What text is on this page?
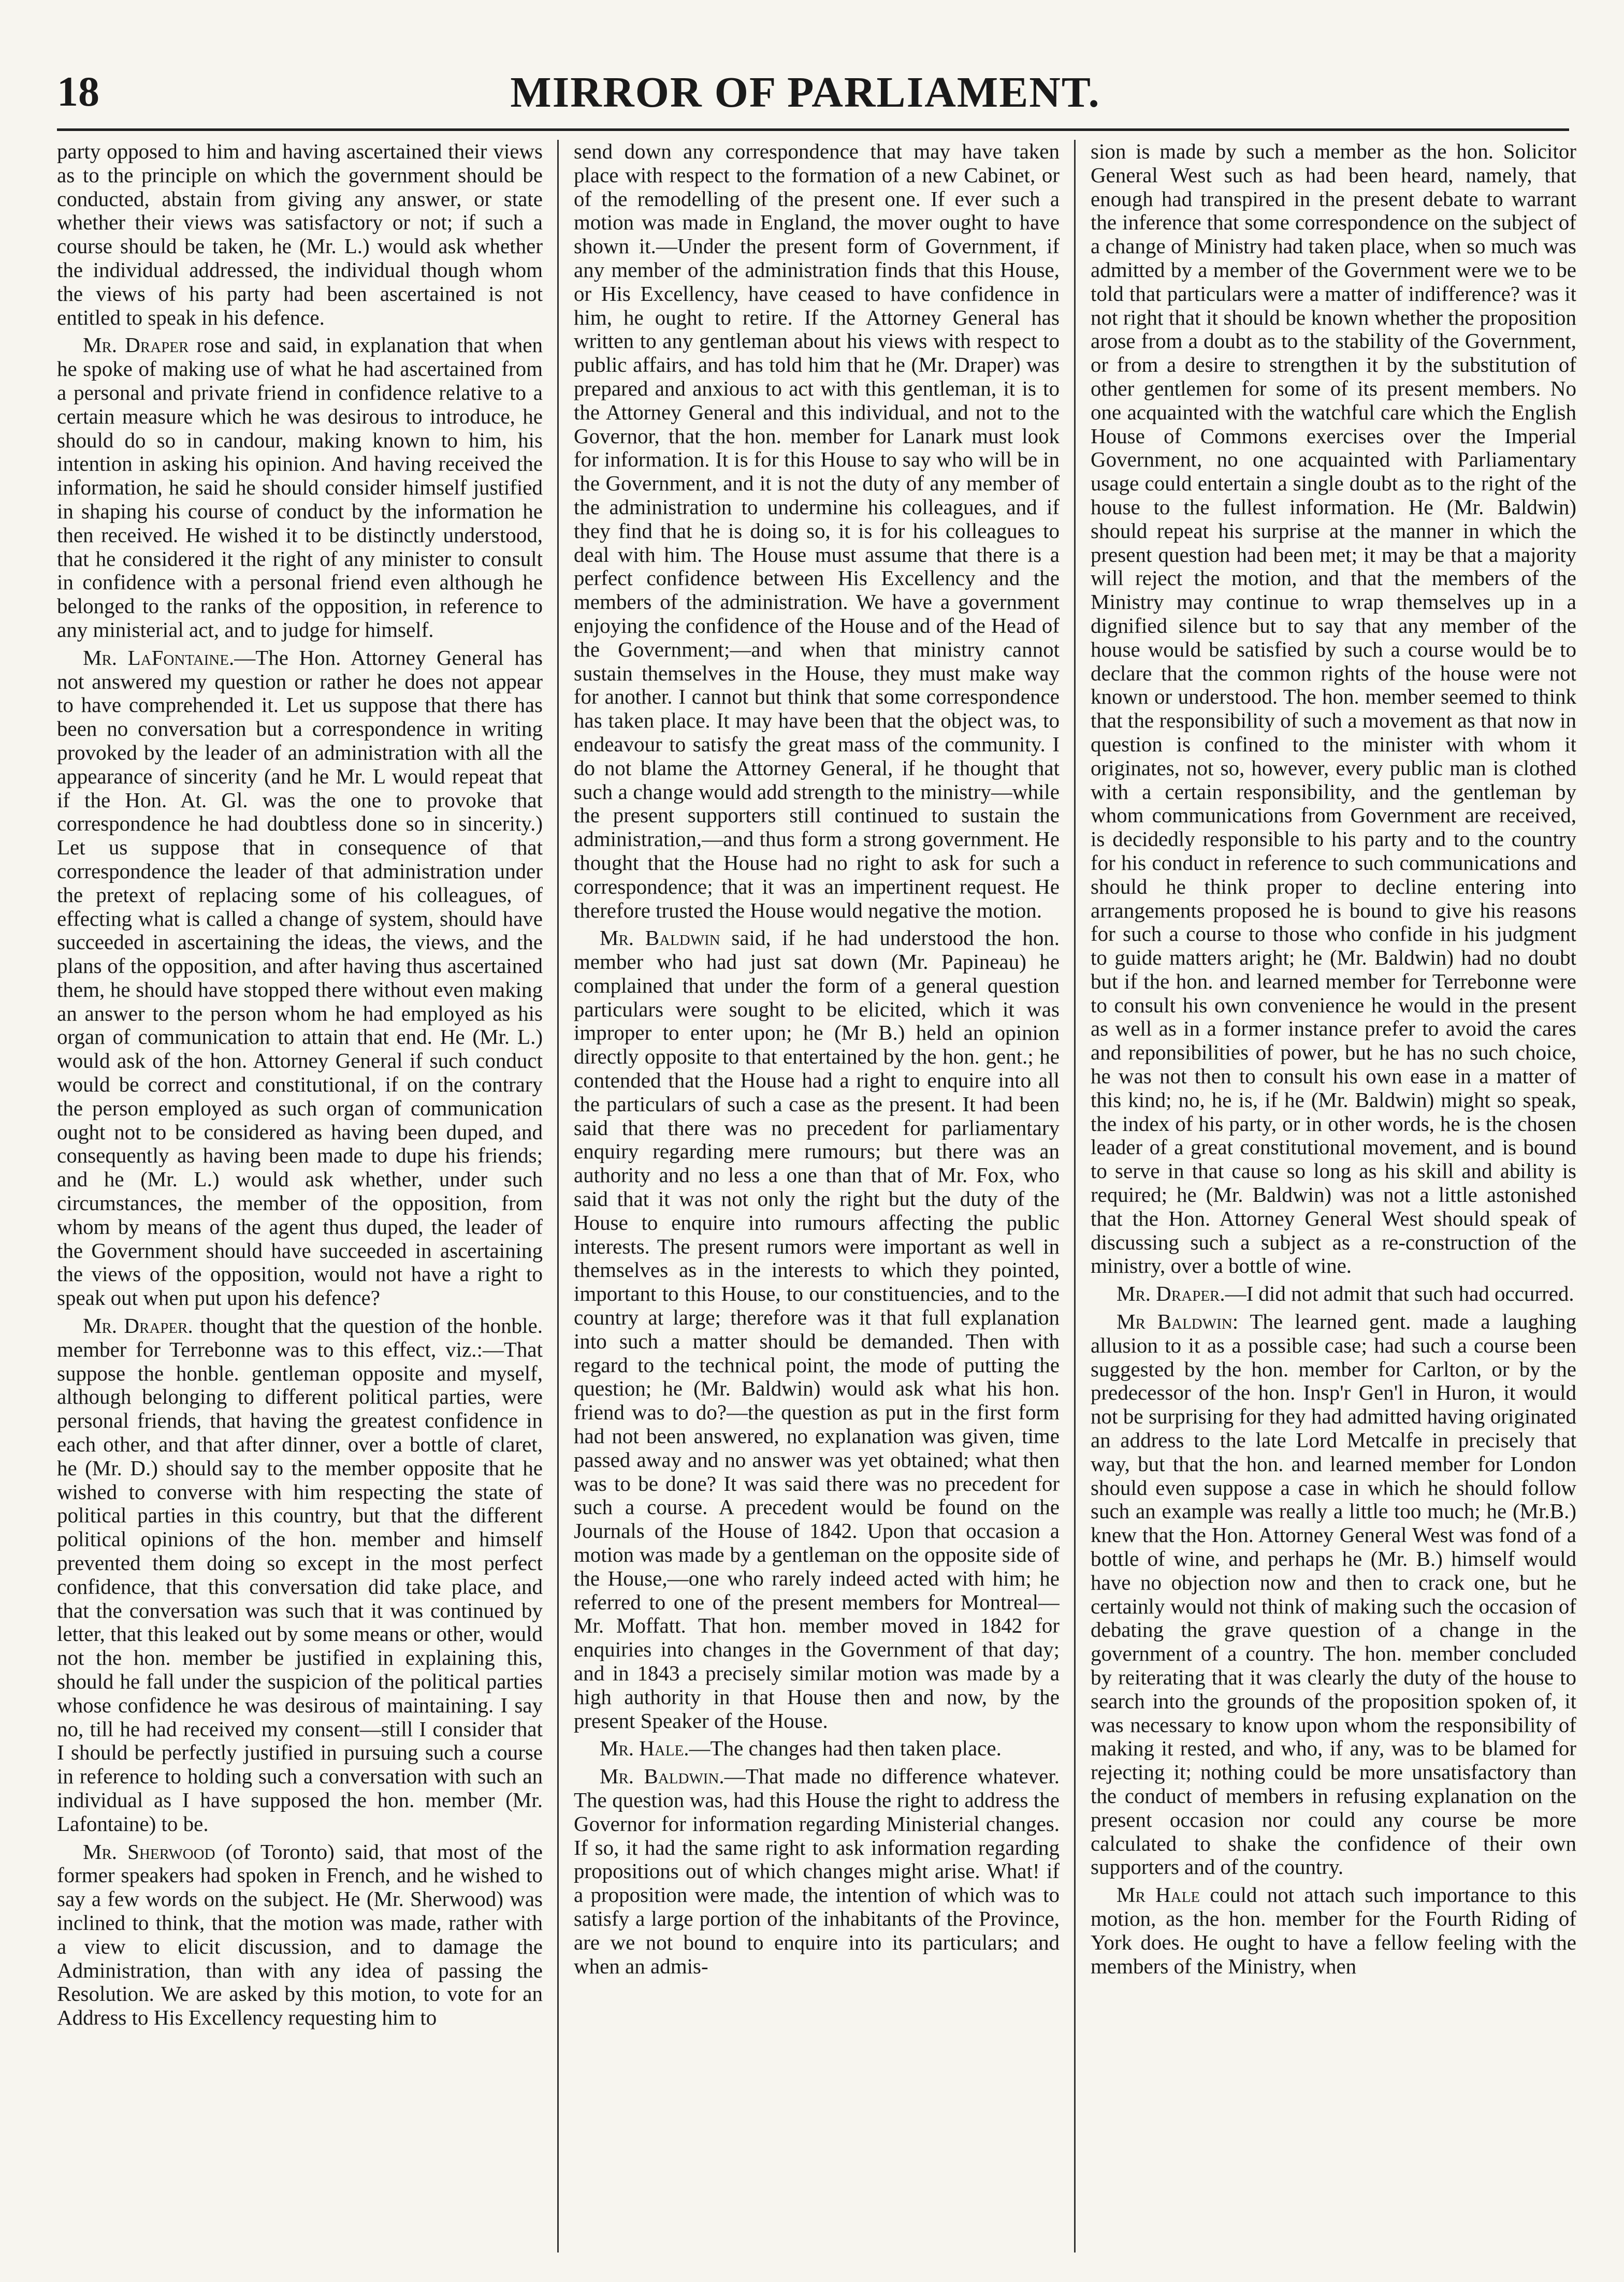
18	MIRROR OF PARLIAMENT.

party opposed to him and having ascertained their views as to the principle on which the government should be conducted, abstain from giving any answer, or state whether their views was satisfactory or not; if such a course should be taken, he (Mr. L.) would ask whether the individual addressed, the individual though whom the views of his party had been ascertained is not entitled to speak in his defence.

Mr. Draper rose and said, in explanation that when he spoke of making use of what he had ascertained from a personal and private friend in confidence relative to a certain measure which he was desirous to introduce, he should do so in candour, making known to him, his intention in asking his opinion. And having received the information, he said he should consider himself justified in shaping his course of conduct by the information he then received. He wished it to be distinctly understood, that he considered it the right of any minister to consult in confidence with a personal friend even although he belonged to the ranks of the opposition, in reference to any ministerial act, and to judge for himself.

Mr. LaFontaine.—The Hon. Attorney General has not answered my question or rather he does not appear to have comprehended it. Let us suppose that there has been no conversation but a correspondence in writing provoked by the leader of an administration with all the appearance of sincerity (and he Mr. L would repeat that if the Hon. At. Gl. was the one to provoke that correspondence he had doubtless done so in sincerity.) Let us suppose that in consequence of that correspondence the leader of that administration under the pretext of replacing some of his colleagues, of effecting what is called a change of system, should have succeeded in ascertaining the ideas, the views, and the plans of the opposition, and after having thus ascertained them, he should have stopped there without even making an answer to the person whom he had employed as his organ of communication to attain that end. He (Mr. L.) would ask of the hon. Attorney General if such conduct would be correct and constitutional, if on the contrary the person employed as such organ of communication ought not to be considered as having been duped, and consequently as having been made to dupe his friends; and he (Mr. L.) would ask whether, under such circumstances, the member of the opposition, from whom by means of the agent thus duped, the leader of the Government should have succeeded in ascertaining the views of the opposition, would not have a right to speak out when put upon his defence?

Mr. Draper. thought that the question of the honble. member for Terrebonne was to this effect, viz.:—That suppose the honble. gentleman opposite and myself, although belonging to different political parties, were personal friends, that having the greatest confidence in each other, and that after dinner, over a bottle of claret, he (Mr. D.) should say to the member opposite that he wished to converse with him respecting the state of political parties in this country, but that the different political opinions of the hon. member and himself prevented them doing so except in the most perfect confidence, that this conversation did take place, and that the conversation was such that it was continued by letter, that this leaked out by some means or other, would not the hon. member be justified in explaining this, should he fall under the suspicion of the political parties whose confidence he was desirous of maintaining. I say no, till he had received my consent—still I consider that I should be perfectly justified in pursuing such a course in reference to holding such a conversation with such an individual as I have supposed the hon. member (Mr. Lafontaine) to be.

Mr. Sherwood (of Toronto) said, that most of the former speakers had spoken in French, and he wished to say a few words on the subject. He (Mr. Sherwood) was inclined to think, that the motion was made, rather with a view to elicit discussion, and to damage the Administration, than with any idea of passing the Resolution. We are asked by this motion, to vote for an Address to His Excellency requesting him to

send down any correspondence that may have taken place with respect to the formation of a new Cabinet, or of the remodelling of the present one. If ever such a motion was made in England, the mover ought to have shown it.—Under the present form of Government, if any member of the administration finds that this House, or His Excellency, have ceased to have confidence in him, he ought to retire. If the Attorney General has written to any gentleman about his views with respect to public affairs, and has told him that he (Mr. Draper) was prepared and anxious to act with this gentleman, it is to the Attorney General and this individual, and not to the Governor, that the hon. member for Lanark must look for information. It is for this House to say who will be in the Government, and it is not the duty of any member of the administration to undermine his colleagues, and if they find that he is doing so, it is for his colleagues to deal with him. The House must assume that there is a perfect confidence between His Excellency and the members of the administration. We have a government enjoying the confidence of the House and of the Head of the Government;—and when that ministry cannot sustain themselves in the House, they must make way for another. I cannot but think that some correspondence has taken place. It may have been that the object was, to endeavour to satisfy the great mass of the community. I do not blame the Attorney General, if he thought that such a change would add strength to the ministry—while the present supporters still continued to sustain the administration,—and thus form a strong government. He thought that the House had no right to ask for such a correspondence; that it was an impertinent request. He therefore trusted the House would negative the motion.

Mr. Baldwin said, if he had understood the hon. member who had just sat down (Mr. Papineau) he complained that under the form of a general question particulars were sought to be elicited, which it was improper to enter upon; he (Mr B.) held an opinion directly opposite to that entertained by the hon. gent.; he contended that the House had a right to enquire into all the particulars of such a case as the present. It had been said that there was no precedent for parliamentary enquiry regarding mere rumours; but there was an authority and no less a one than that of Mr. Fox, who said that it was not only the right but the duty of the House to enquire into rumours affecting the public interests. The present rumors were important as well in themselves as in the interests to which they pointed, important to this House, to our constituencies, and to the country at large; therefore was it that full explanation into such a matter should be demanded. Then with regard to the technical point, the mode of putting the question; he (Mr. Baldwin) would ask what his hon. friend was to do?—the question as put in the first form had not been answered, no explanation was given, time passed away and no answer was yet obtained; what then was to be done? It was said there was no precedent for such a course. A precedent would be found on the Journals of the House of 1842. Upon that occasion a motion was made by a gentleman on the opposite side of the House,—one who rarely indeed acted with him; he referred to one of the present members for Montreal—Mr. Moffatt. That hon. member moved in 1842 for enquiries into changes in the Government of that day; and in 1843 a precisely similar motion was made by a high authority in that House then and now, by the present Speaker of the House.

Mr. Hale.—The changes had then taken place.

Mr. Baldwin.—That made no difference whatever. The question was, had this House the right to address the Governor for information regarding Ministerial changes. If so, it had the same right to ask information regarding propositions out of which changes might arise. What! if a proposition were made, the intention of which was to satisfy a large portion of the inhabitants of the Province, are we not bound to enquire into its particulars; and when an admis-

sion is made by such a member as the hon. Solicitor General West such as had been heard, namely, that enough had transpired in the present debate to warrant the inference that some correspondence on the subject of a change of Ministry had taken place, when so much was admitted by a member of the Government were we to be told that particulars were a matter of indifference? was it not right that it should be known whether the proposition arose from a doubt as to the stability of the Government, or from a desire to strengthen it by the substitution of other gentlemen for some of its present members. No one acquainted with the watchful care which the English House of Commons exercises over the Imperial Government, no one acquainted with Parliamentary usage could entertain a single doubt as to the right of the house to the fullest information. He (Mr. Baldwin) should repeat his surprise at the manner in which the present question had been met; it may be that a majority will reject the motion, and that the members of the Ministry may continue to wrap themselves up in a dignified silence but to say that any member of the house would be satisfied by such a course would be to declare that the common rights of the house were not known or understood. The hon. member seemed to think that the responsibility of such a movement as that now in question is confined to the minister with whom it originates, not so, however, every public man is clothed with a certain responsibility, and the gentleman by whom communications from Government are received, is decidedly responsible to his party and to the country for his conduct in reference to such communications and should he think proper to decline entering into arrangements proposed he is bound to give his reasons for such a course to those who confide in his judgment to guide matters aright; he (Mr. Baldwin) had no doubt but if the hon. and learned member for Terrebonne were to consult his own convenience he would in the present as well as in a former instance prefer to avoid the cares and reponsibilities of power, but he has no such choice, he was not then to consult his own ease in a matter of this kind; no, he is, if he (Mr. Baldwin) might so speak, the index of his party, or in other words, he is the chosen leader of a great constitutional movement, and is bound to serve in that cause so long as his skill and ability is required; he (Mr. Baldwin) was not a little astonished that the Hon. Attorney General West should speak of discussing such a subject as a re-construction of the ministry, over a bottle of wine.

Mr. Draper.—I did not admit that such had occurred.

Mr Baldwin: The learned gent. made a laughing allusion to it as a possible case; had such a course been suggested by the hon. member for Carlton, or by the predecessor of the hon. Insp'r Gen'l in Huron, it would not be surprising for they had admitted having originated an address to the late Lord Metcalfe in precisely that way, but that the hon. and learned member for London should even suppose a case in which he should follow such an example was really a little too much; he (Mr.B.) knew that the Hon. Attorney General West was fond of a bottle of wine, and perhaps he (Mr. B.) himself would have no objection now and then to crack one, but he certainly would not think of making such the occasion of debating the grave question of a change in the government of a country. The hon. member concluded by reiterating that it was clearly the duty of the house to search into the grounds of the proposition spoken of, it was necessary to know upon whom the responsibility of making it rested, and who, if any, was to be blamed for rejecting it; nothing could be more unsatisfactory than the conduct of members in refusing explanation on the present occasion nor could any course be more calculated to shake the confidence of their own supporters and of the country.

Mr Hale could not attach such importance to this motion, as the hon. member for the Fourth Riding of York does. He ought to have a fellow feeling with the members of the Ministry, when
